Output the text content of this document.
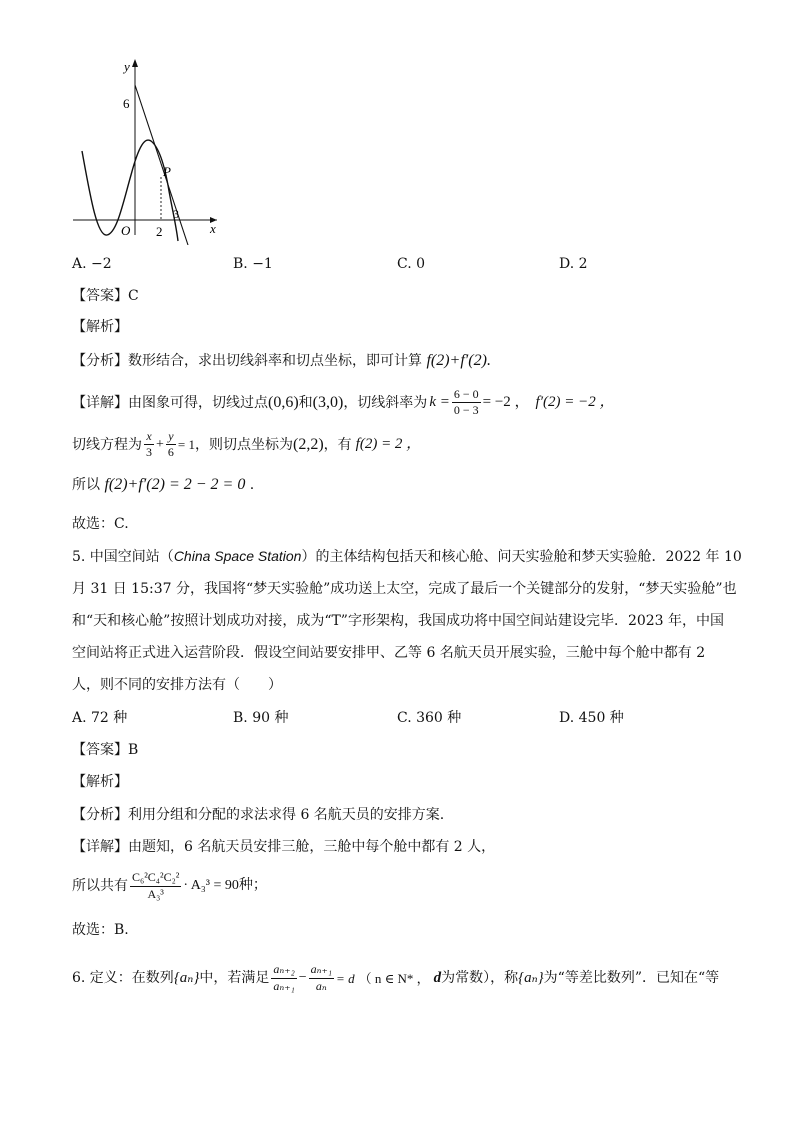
y
6
P
3
O 2	x
A. −2	B. −1	C. 0	D. 2
【答案】C
【解析】
【分析】数形结合，求出切线斜率和切点坐标，即可计算 f(2)+f′(2).
【详解】由图象可得，切线过点 (0,6) 和 (3,0) ，切线斜率为 $k = \frac{6 - 0}{0 - 3} = -2$ ， f′(2) = −2 ，
切线方程为 $\frac{x}{3} + \frac{y}{6} = 1$ ，则切点坐标为 (2,2) ，有 f(2) = 2 ，
所以 f(2)+f′(2) = 2 − 2 = 0 .
故选：C.
5. 中国空间站（China Space Station）的主体结构包括天和核心舱、问天实验舱和梦天实验舱．2022 年 10
月 31 日 15:37 分，我国将“梦天实验舱”成功送上太空，完成了最后一个关键部分的发射，“梦天实验舱”也
和“天和核心舱”按照计划成功对接，成为“T”字形架构，我国成功将中国空间站建设完毕．2023 年，中国
空间站将正式进入运营阶段．假设空间站要安排甲、乙等 6 名航天员开展实验，三舱中每个舱中都有 2
人，则不同的安排方法有（　　）
A. 72 种	B. 90 种	C. 360 种	D. 450 种
【答案】B
【解析】
【分析】利用分组和分配的求法求得 6 名航天员的安排方案.
【详解】由题知，6 名航天员安排三舱，三舱中每个舱中都有 2 人，
所以共有 $\frac{\text{C₆²C₄²C₂²}}{\text{A₃³}} \cdot A_3^3 = 90$种；
故选：B.
6. 定义：在数列 {aₙ} 中，若满足 $\frac{\text{aₙ₊₂}}{\text{aₙ₊₁}} - \frac{\text{aₙ₊₁}}{\text{aₙ}} = d$ （ n ∈ N* ， d 为常数），称 {aₙ} 为“等差比数列”．已知在“等
